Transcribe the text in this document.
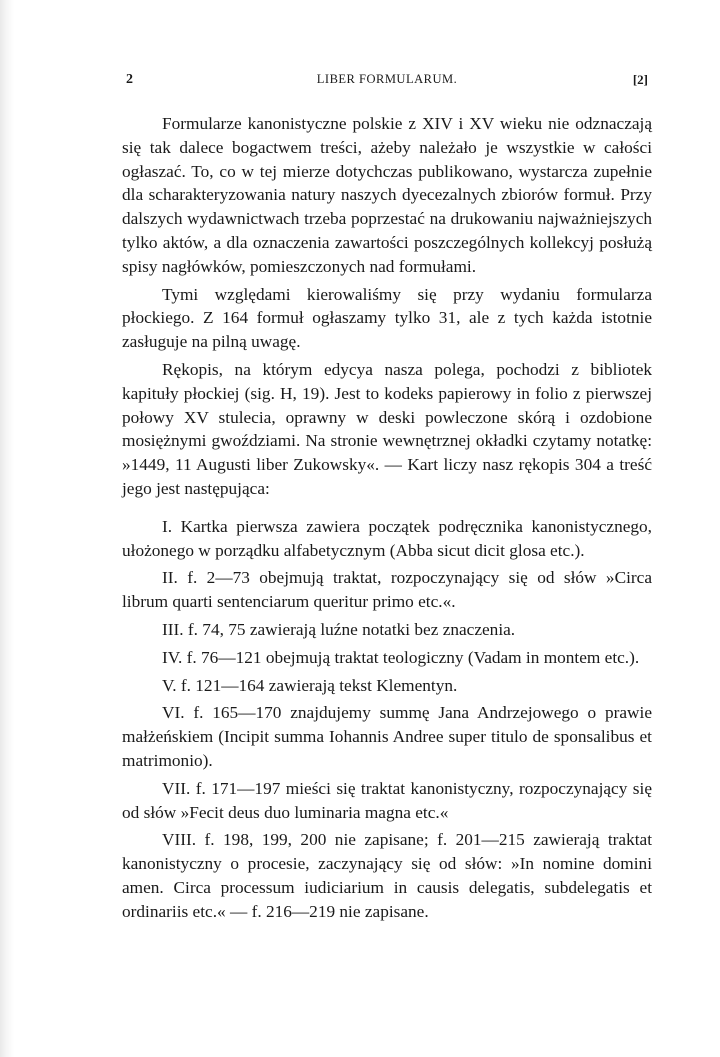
2	LIBER FORMULARUM.	[2]

Formularze kanonistyczne polskie z XIV i XV wieku nie odznaczają się tak dalece bogactwem treści, ażeby należało je wszystkie w całości ogłaszać. To, co w tej mierze dotychczas publikowano, wystarcza zupełnie dla scharakteryzowania natury naszych dyecezalnych zbiorów formuł. Przy dalszych wydawnictwach trzeba poprzestać na drukowaniu najważniejszych tylko aktów, a dla oznaczenia zawartości poszczególnych kollekcyj posłużą spisy nagłówków, pomieszczonych nad formułami.

Tymi względami kierowaliśmy się przy wydaniu formularza płockiego. Z 164 formuł ogłaszamy tylko 31, ale z tych każda istotnie zasługuje na pilną uwagę.

Rękopis, na którym edycya nasza polega, pochodzi z bibliotek kapituły płockiej (sig. H, 19). Jest to kodeks papierowy in folio z pierwszej połowy XV stulecia, oprawny w deski powleczone skórą i ozdobione mosiężnymi gwoździami. Na stronie wewnętrznej okładki czytamy notatkę: »1449, 11 Augusti liber Zukowsky«. — Kart liczy nasz rękopis 304 a treść jego jest następująca:

I. Kartka pierwsza zawiera początek podręcznika kanonistycznego, ułożonego w porządku alfabetycznym (Abba sicut dicit glosa etc.).

II. f. 2—73 obejmują traktat, rozpoczynający się od słów »Circa librum quarti sentenciarum queritur primo etc.«.

III. f. 74, 75 zawierają luźne notatki bez znaczenia.

IV. f. 76—121 obejmują traktat teologiczny (Vadam in montem etc.).

V. f. 121—164 zawierają tekst Klementyn.

VI. f. 165—170 znajdujemy summę Jana Andrzejowego o prawie małżeńskiem (Incipit summa Iohannis Andree super titulo de sponsalibus et matrimonio).

VII. f. 171—197 mieści się traktat kanonistyczny, rozpoczynający się od słów »Fecit deus duo luminaria magna etc.«

VIII. f. 198, 199, 200 nie zapisane; f. 201—215 zawierają traktat kanonistyczny o procesie, zaczynający się od słów: »In nomine domini amen. Circa processum iudiciarium in causis delegatis, subdelegatis et ordinariis etc.« — f. 216—219 nie zapisane.
